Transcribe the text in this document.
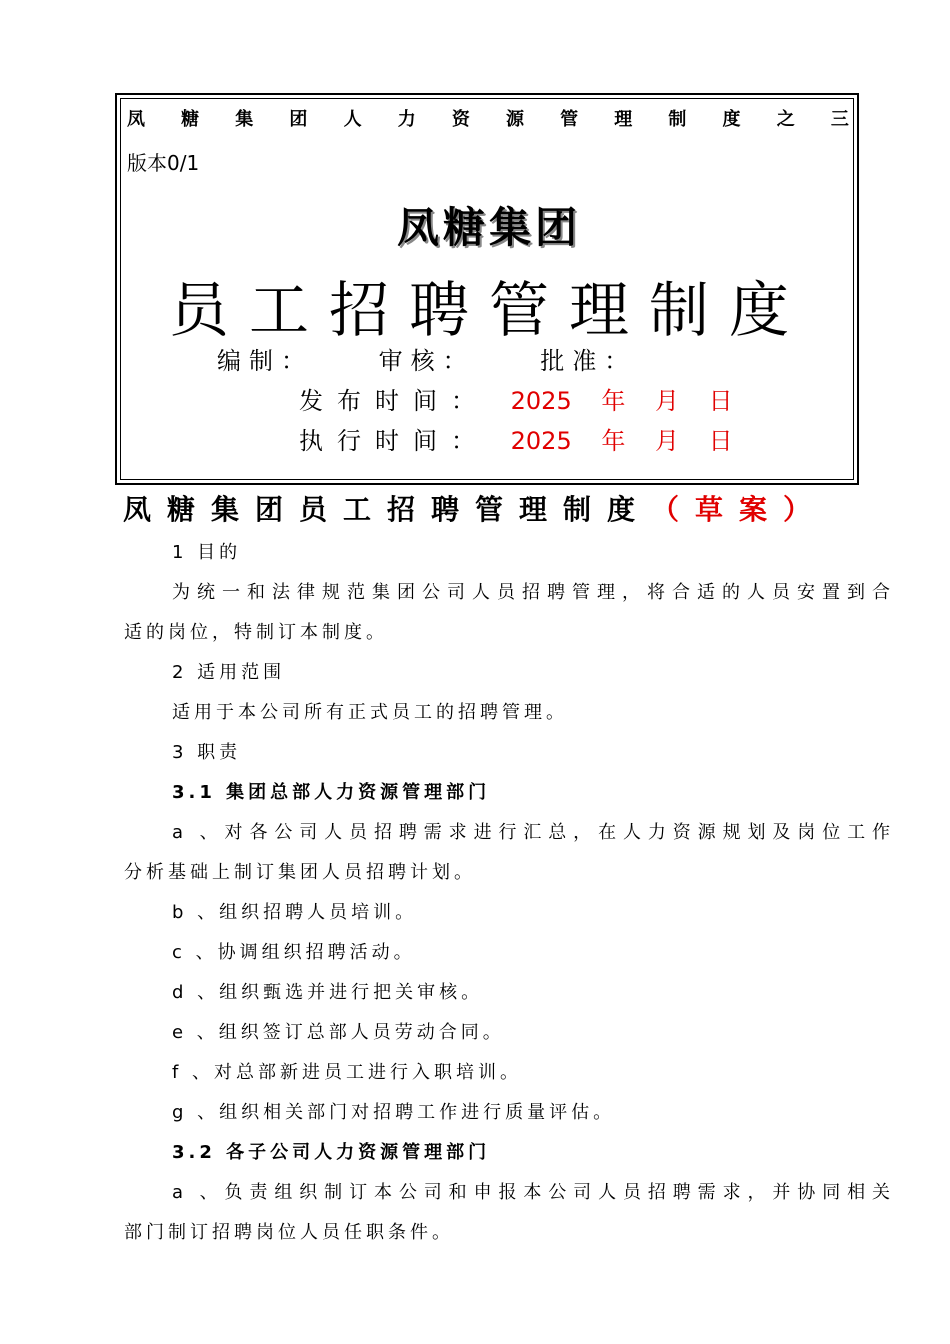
凤 糖 集 团 人 力 资 源 管 理 制 度 之 三
版本0/1
凤糖集团
员工招聘管理制度
编制：	审核：	批准：
发布时间： 2025 年 月 日
执行时间： 2025 年 月 日
凤糖集团员工招聘管理制度（草案）
1 目的
为统一和法律规范集团公司人员招聘管理，将合适的人员安置到合
适的岗位，特制订本制度。
2 适用范围
适用于本公司所有正式员工的招聘管理。
3 职责
3.1 集团总部人力资源管理部门
a 、对各公司人员招聘需求进行汇总，在人力资源规划及岗位工作
分析基础上制订集团人员招聘计划。
b 、组织招聘人员培训。
c 、协调组织招聘活动。
d 、组织甄选并进行把关审核。
e 、组织签订总部人员劳动合同。
f 、对总部新进员工进行入职培训。
g 、组织相关部门对招聘工作进行质量评估。
3.2 各子公司人力资源管理部门
a 、负责组织制订本公司和申报本公司人员招聘需求，并协同相关
部门制订招聘岗位人员任职条件。
